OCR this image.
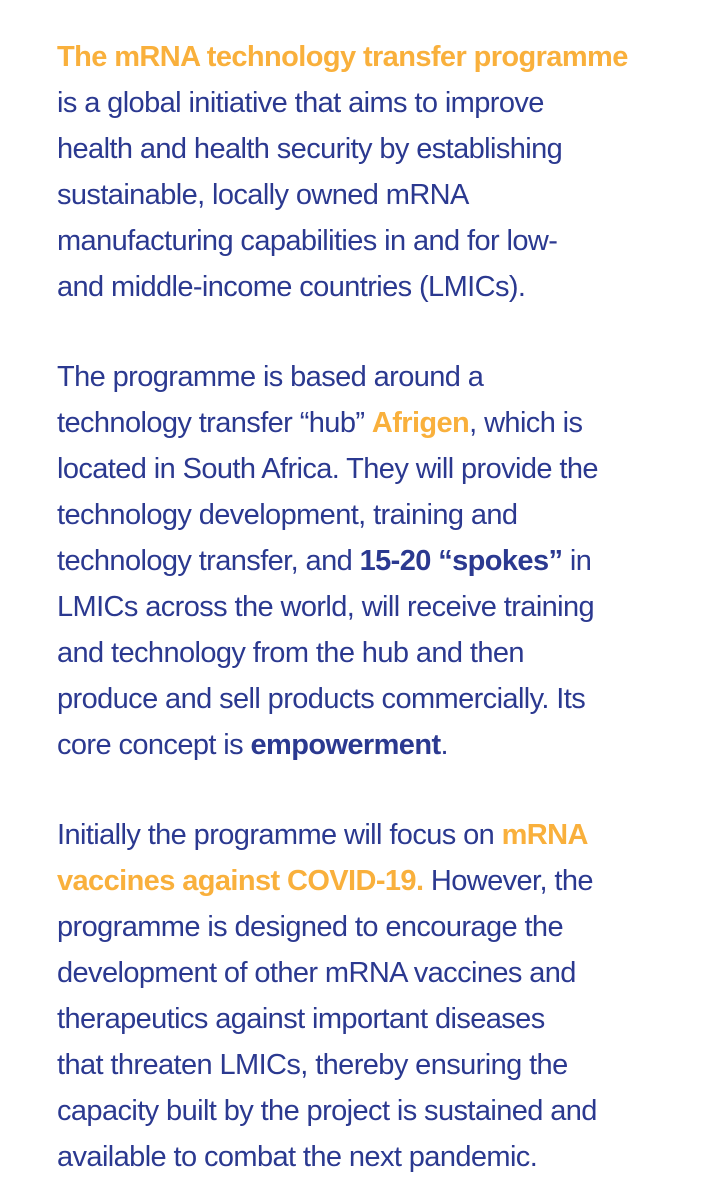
The mRNA technology transfer programme
is a global initiative that aims to improve
health and health security by establishing
sustainable, locally owned mRNA
manufacturing capabilities in and for low-
and middle-income countries (LMICs).
The programme is based around a
technology transfer “hub” Afrigen, which is
located in South Africa. They will provide the
technology development, training and
technology transfer, and 15-20 “spokes” in
LMICs across the world, will receive training
and technology from the hub and then
produce and sell products commercially. Its
core concept is empowerment.
Initially the programme will focus on mRNA
vaccines against COVID-19. However, the
programme is designed to encourage the
development of other mRNA vaccines and
therapeutics against important diseases
that threaten LMICs, thereby ensuring the
capacity built by the project is sustained and
available to combat the next pandemic.
